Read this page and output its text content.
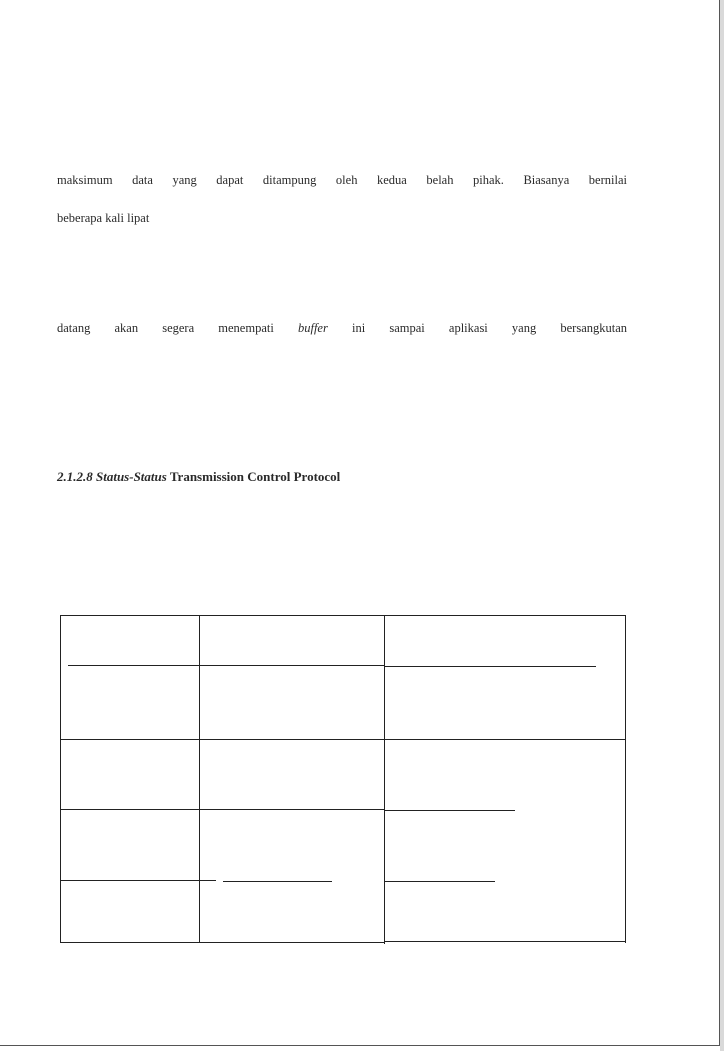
maksimum data yang dapat ditampung oleh kedua belah pihak. Biasanya bernilai
beberapa kali lipat
datang akan segera menempati buffer ini sampai aplikasi yang bersangkutan
2.1.2.8 Status-Status Transmission Control Protocol
